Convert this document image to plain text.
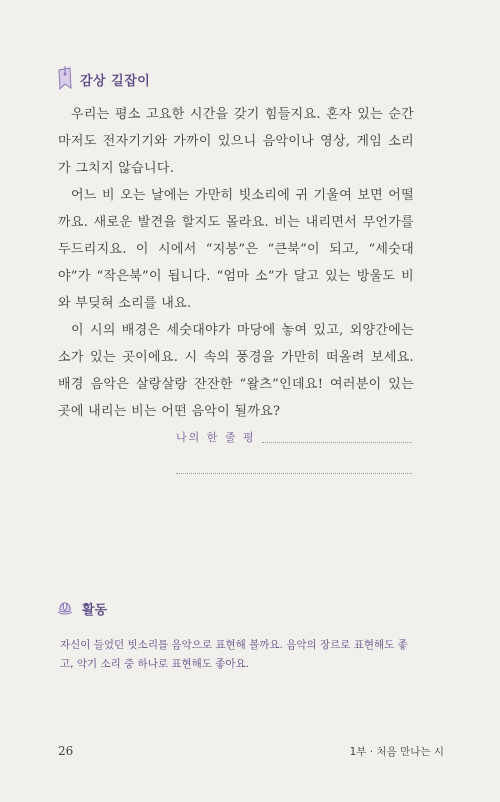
감상 길잡이

우리는 평소 고요한 시간을 갖기 힘들지요. 혼자 있는 순간마저도 전자기기와 가까이 있으니 음악이나 영상, 게임 소리가 그치지 않습니다.

어느 비 오는 날에는 가만히 빗소리에 귀 기울여 보면 어떨까요. 새로운 발견을 할지도 몰라요. 비는 내리면서 무언가를 두드리지요. 이 시에서 “지붕”은 “큰북”이 되고, “세숫대야”가 “작은북”이 됩니다. “엄마 소”가 달고 있는 방울도 비와 부딪혀 소리를 내요.

이 시의 배경은 세숫대야가 마당에 놓여 있고, 외양간에는 소가 있는 곳이에요. 시 속의 풍경을 가만히 떠올려 보세요. 배경 음악은 살랑살랑 잔잔한 “왈츠”인데요! 여러분이 있는 곳에 내리는 비는 어떤 음악이 될까요?

나의 한 줄 평
활동
자신이 들었던 빗소리를 음악으로 표현해 볼까요. 음악의 장르로 표현해도 좋고, 악기 소리 중 하나로 표현해도 좋아요.
26	1부 · 처음 만나는 시
